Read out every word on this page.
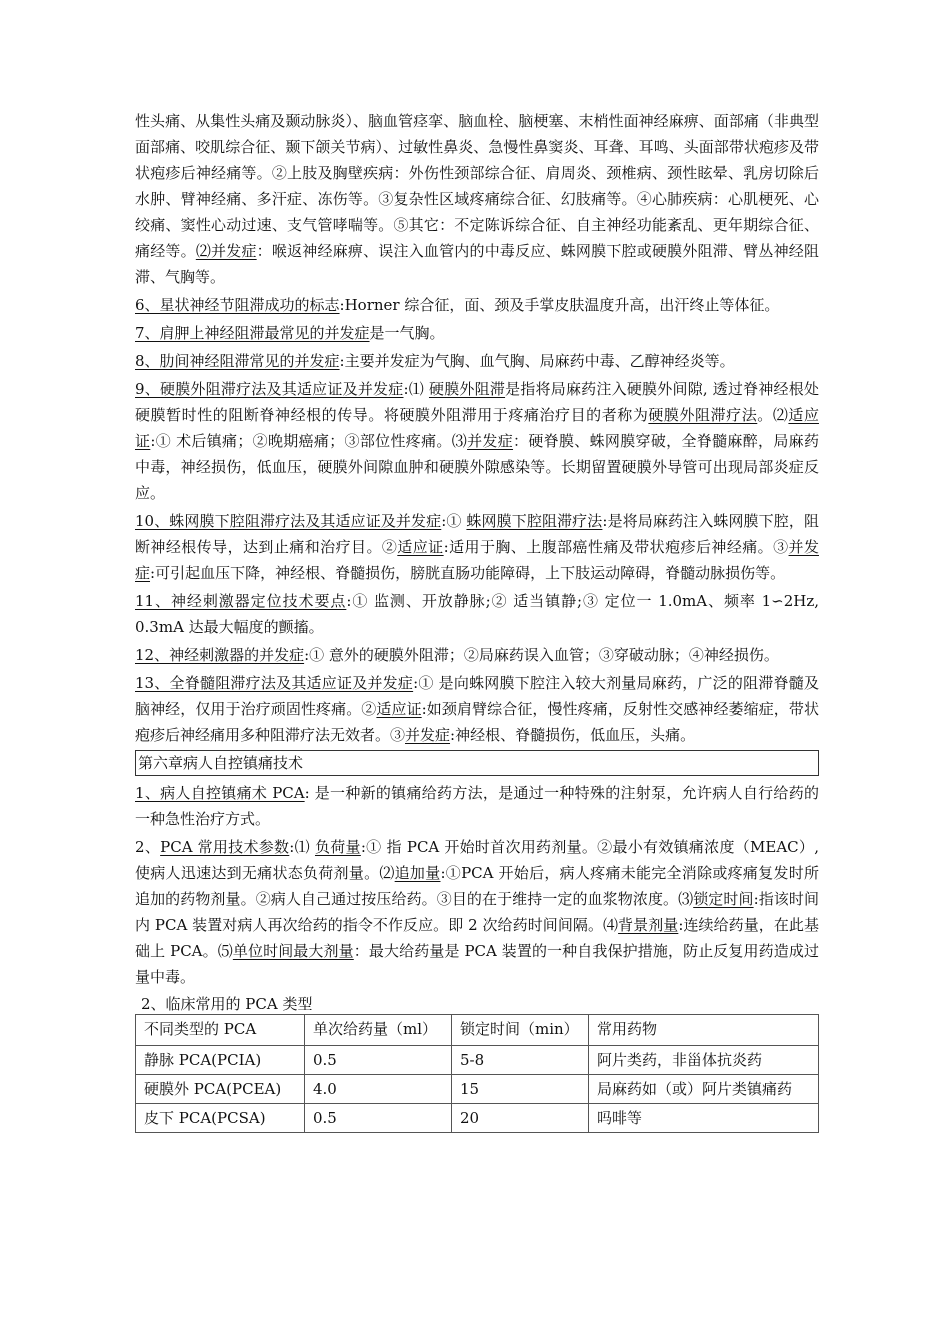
性头痛、从集性头痛及颞动脉炎）、脑血管痉挛、脑血栓、脑梗塞、末梢性面神经麻痹、面部痛（非典型面部痛、咬肌综合征、颞下颌关节病）、过敏性鼻炎、急慢性鼻窦炎、耳聋、耳鸣、头面部带状疱疹及带状疱疹后神经痛等。②上肢及胸壁疾病：外伤性颈部综合征、肩周炎、颈椎病、颈性眩晕、乳房切除后水肿、臂神经痛、多汗症、冻伤等。③复杂性区域疼痛综合征、幻肢痛等。④心肺疾病：心肌梗死、心绞痛、窦性心动过速、支气管哮喘等。⑤其它：不定陈诉综合征、自主神经功能紊乱、更年期综合征、痛经等。⑵并发症：喉返神经麻痹、误注入血管内的中毒反应、蛛网膜下腔或硬膜外阻滞、臂丛神经阻滞、气胸等。

6、星状神经节阻滞成功的标志:Horner 综合征，面、颈及手掌皮肤温度升高，出汗终止等体征。

7、肩胛上神经阻滞最常见的并发症是一气胸。

8、肋间神经阻滞常见的并发症:主要并发症为气胸、血气胸、局麻药中毒、乙醇神经炎等。

9、硬膜外阻滞疗法及其适应证及并发症:⑴ 硬膜外阻滞是指将局麻药注入硬膜外间隙, 透过脊神经根处硬膜暂时性的阻断脊神经根的传导。将硬膜外阻滞用于疼痛治疗目的者称为硬膜外阻滞疗法。⑵适应证:① 术后镇痛；②晚期癌痛；③部位性疼痛。⑶并发症：硬脊膜、蛛网膜穿破，全脊髓麻醉，局麻药中毒，神经损伤，低血压，硬膜外间隙血肿和硬膜外隙感染等。长期留置硬膜外导管可出现局部炎症反应。

10、蛛网膜下腔阻滞疗法及其适应证及并发症:① 蛛网膜下腔阻滞疗法:是将局麻药注入蛛网膜下腔，阻断神经根传导，达到止痛和治疗目。②适应证:适用于胸、上腹部癌性痛及带状疱疹后神经痛。③并发症:可引起血压下降，神经根、脊髓损伤，膀胱直肠功能障碍，上下肢运动障碍，脊髓动脉损伤等。

11、神经刺激器定位技术要点:① 监测、开放静脉;② 适当镇静;③ 定位一 1.0mA、频率 1∽2Hz, 0.3mA 达最大幅度的颤搐。

12、神经刺激器的并发症:① 意外的硬膜外阻滞；②局麻药误入血管；③穿破动脉；④神经损伤。

13、全脊髓阻滞疗法及其适应证及并发症:① 是向蛛网膜下腔注入较大剂量局麻药，广泛的阻滞脊髓及脑神经，仅用于治疗顽固性疼痛。②适应证:如颈肩臂综合征，慢性疼痛，反射性交感神经萎缩症，带状疱疹后神经痛用多种阻滞疗法无效者。③并发症:神经根、脊髓损伤，低血压，头痛。

第六章病人自控镇痛技术

1、病人自控镇痛术 PCA: 是一种新的镇痛给药方法，是通过一种特殊的注射泵，允许病人自行给药的一种急性治疗方式。

2、PCA 常用技术参数:⑴ 负荷量:① 指 PCA 开始时首次用药剂量。②最小有效镇痛浓度（MEAC）, 使病人迅速达到无痛状态负荷剂量。⑵追加量:①PCA 开始后，病人疼痛未能完全消除或疼痛复发时所追加的药物剂量。②病人自己通过按压给药。③目的在于维持一定的血浆物浓度。⑶锁定时间:指该时间内 PCA 装置对病人再次给药的指令不作反应。即 2 次给药时间间隔。⑷背景剂量:连续给药量，在此基础上 PCA。⑸单位时间最大剂量：最大给药量是 PCA 装置的一种自我保护措施，防止反复用药造成过量中毒。

2、临床常用的 PCA 类型
不同类型的 PCA	单次给药量（ml）	锁定时间（min）	常用药物
静脉 PCA(PCIA)	0.5	5-8	阿片类药，非甾体抗炎药
硬膜外 PCA(PCEA)	4.0	15	局麻药如（或）阿片类镇痛药
皮下 PCA(PCSA)	0.5	20	吗啡等
